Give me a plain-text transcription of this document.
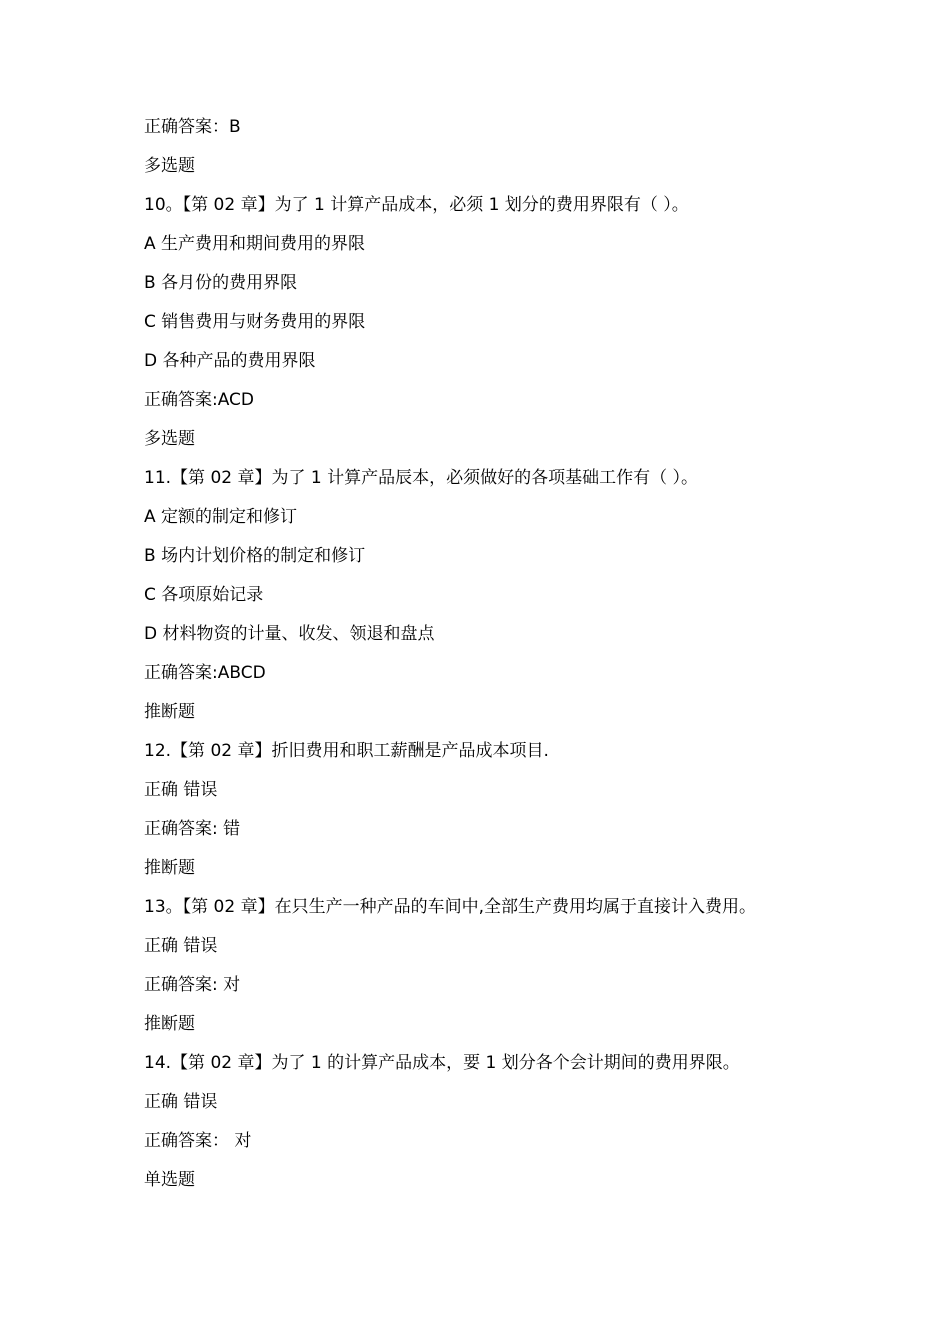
正确答案：B
多选题
10。【第 02 章】为了 1 计算产品成本，必须 1 划分的费用界限有（ ）。
A 生产费用和期间费用的界限
B 各月份的费用界限
C 销售费用与财务费用的界限
D 各种产品的费用界限
正确答案:ACD
多选题
11.【第 02 章】为了 1 计算产品辰本，必须做好的各项基础工作有（ ）。
A 定额的制定和修订
B 场内计划价格的制定和修订
C 各项原始记录
D 材料物资的计量、收发、领退和盘点
正确答案:ABCD
推断题
12.【第 02 章】折旧费用和职工薪酬是产品成本项目.
正确 错误
正确答案: 错
推断题
13。【第 02 章】在只生产一种产品的车间中,全部生产费用均属于直接计入费用。
正确 错误
正确答案: 对
推断题
14.【第 02 章】为了 1 的计算产品成本，要 1 划分各个会计期间的费用界限。
正确 错误
正确答案： 对
单选题
